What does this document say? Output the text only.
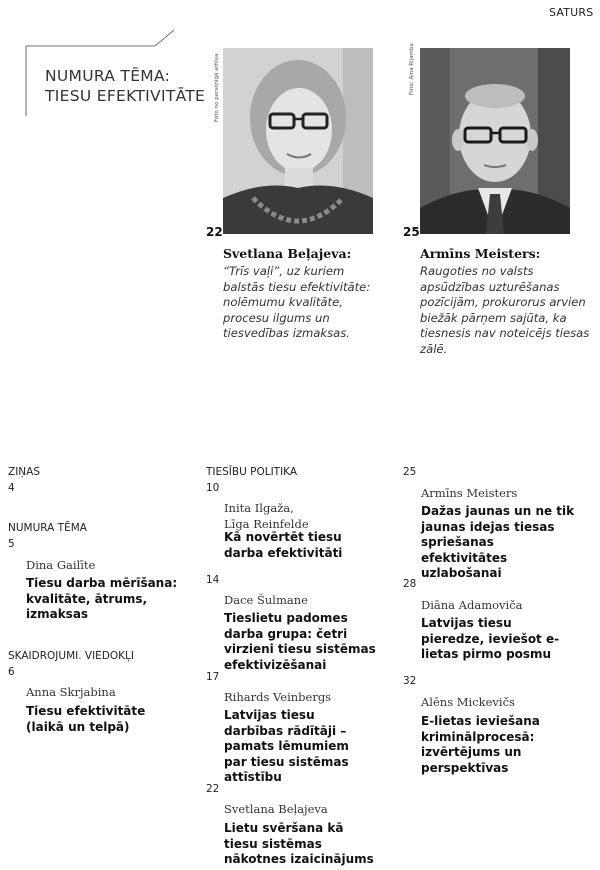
SATURS
NUMURA TĒMA:
TIESU EFEKTIVITĀTE Foto no personīgā arhīva
22
Svetlana Beļajeva:
“Trīs vaļi”, uz kuriem balstās tiesu efektivitāte: nolēmumu kvalitāte, procesu ilgums un tiesvedības izmaksas.
Foto: Aina Rijamba
25
Armīns Meisters:
Raugoties no valsts apsūdzības uzturēšanas pozīcijām, prokurorus arvien biežāk pārņem sajūta, ka tiesnesis nav noteicējs tiesas zālē.
ZIŅAS
4
NUMURA TĒMA
5
Dina Gailīte
Tiesu darba mērīšana: kvalitāte, ātrums, izmaksas
SKAIDROJUMI. VIEDOKĻI
6
Anna Skrjabina
Tiesu efektivitāte (laikā un telpā)
TIESĪBU POLITIKA
10
Inita Ilgaža,
Līga Reinfelde
Kā novērtēt tiesu darba efektivitāti
14
Dace Šulmane
Tieslietu padomes darba grupa: četri virzieni tiesu sistēmas efektivizēšanai
17
Rihards Veinbergs
Latvijas tiesu darbības rādītāji – pamats lēmumiem par tiesu sistēmas attīstību
22
Svetlana Beļajeva
Lietu svēršana kā tiesu sistēmas nākotnes izaicinājums
25
Armīns Meisters
Dažas jaunas un ne tik jaunas idejas tiesas spriešanas efektivitātes uzlabošanai
28
Diāna Adamoviča
Latvijas tiesu pieredze, ieviešot e-lietas pirmo posmu
32
Alēns Mickevičs
E-lietas ieviešana kriminālprocesā: izvērtējums un perspektīvas
